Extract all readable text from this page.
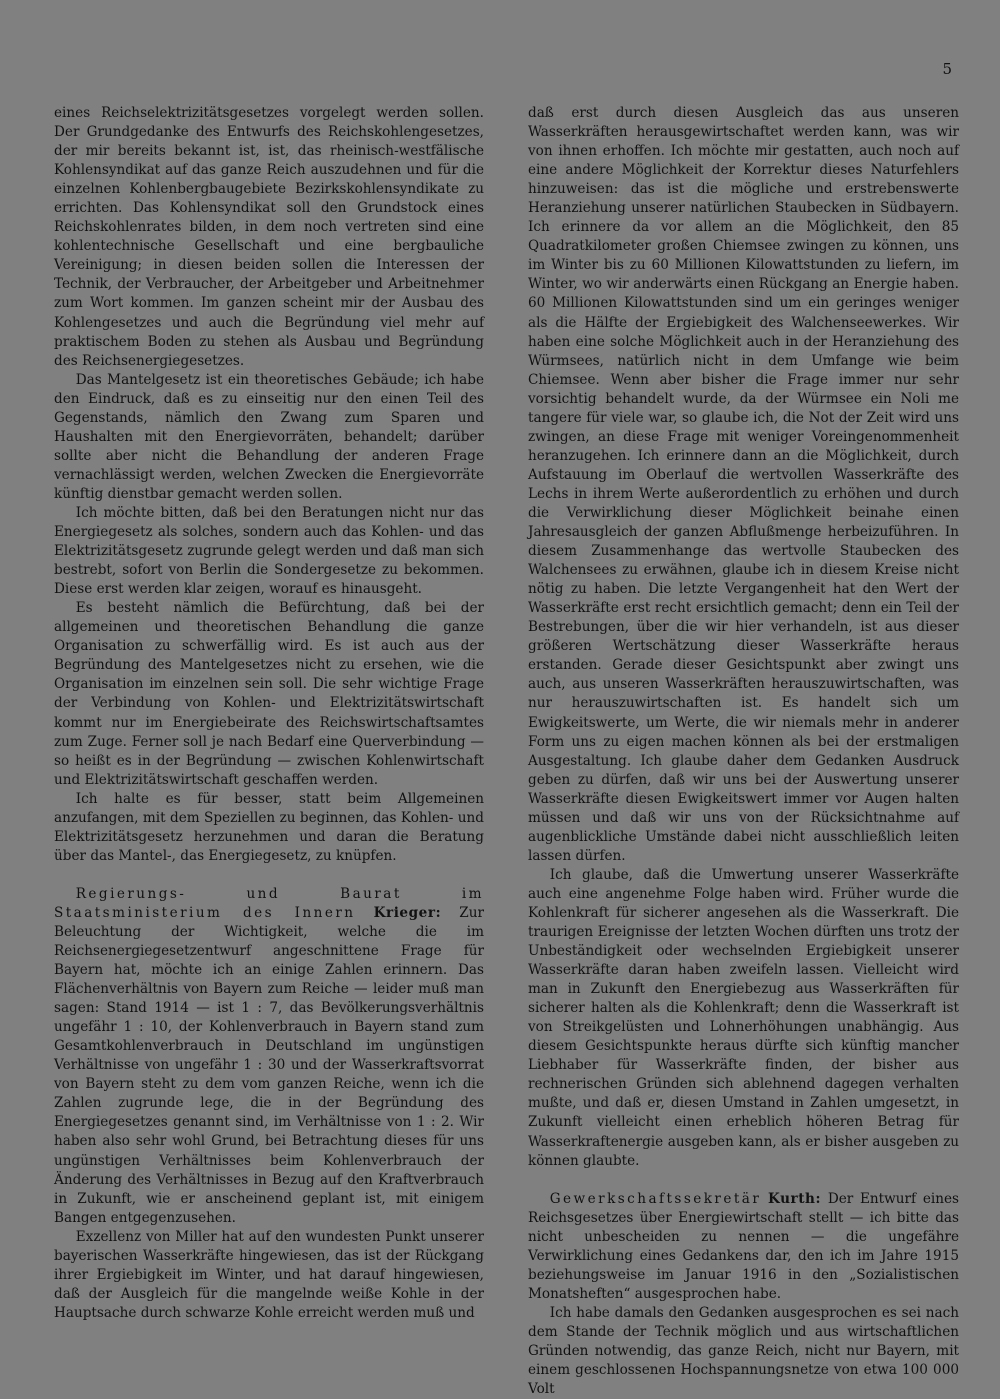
5

eines Reichselektrizitätsgesetzes vorgelegt werden sollen. Der Grundgedanke des Entwurfs des Reichskohlengesetzes, der mir bereits bekannt ist, ist, das rheinisch-westfälische Kohlensyndikat auf das ganze Reich auszudehnen und für die einzelnen Kohlenbergbaugebiete Bezirkskohlensyndikate zu errichten. Das Kohlensyndikat soll den Grundstock eines Reichskohlenrates bilden, in dem noch vertreten sind eine kohlentechnische Gesellschaft und eine bergbauliche Vereinigung; in diesen beiden sollen die Interessen der Technik, der Verbraucher, der Arbeitgeber und Arbeitnehmer zum Wort kommen. Im ganzen scheint mir der Ausbau des Kohlengesetzes und auch die Begründung viel mehr auf praktischem Boden zu stehen als Ausbau und Begründung des Reichsenergiegesetzes.

Das Mantelgesetz ist ein theoretisches Gebäude; ich habe den Eindruck, daß es zu einseitig nur den einen Teil des Gegenstands, nämlich den Zwang zum Sparen und Haushalten mit den Energievorräten, behandelt; darüber sollte aber nicht die Behandlung der anderen Frage vernachlässigt werden, welchen Zwecken die Energievorräte künftig dienstbar gemacht werden sollen.

Ich möchte bitten, daß bei den Beratungen nicht nur das Energiegesetz als solches, sondern auch das Kohlen- und das Elektrizitätsgesetz zugrunde gelegt werden und daß man sich bestrebt, sofort von Berlin die Sondergesetze zu bekommen. Diese erst werden klar zeigen, worauf es hinausgeht.

Es besteht nämlich die Befürchtung, daß bei der allgemeinen und theoretischen Behandlung die ganze Organisation zu schwerfällig wird. Es ist auch aus der Begründung des Mantelgesetzes nicht zu ersehen, wie die Organisation im einzelnen sein soll. Die sehr wichtige Frage der Verbindung von Kohlen- und Elektrizitätswirtschaft kommt nur im Energiebeirate des Reichswirtschaftsamtes zum Zuge. Ferner soll je nach Bedarf eine Querverbindung — so heißt es in der Begründung — zwischen Kohlenwirtschaft und Elektrizitätswirtschaft geschaffen werden.

Ich halte es für besser, statt beim Allgemeinen anzufangen, mit dem Speziellen zu beginnen, das Kohlen- und Elektrizitätsgesetz herzunehmen und daran die Beratung über das Mantel-, das Energiegesetz, zu knüpfen.

Regierungs- und Baurat im Staatsministerium des Innern Krieger: Zur Beleuchtung der Wichtigkeit, welche die im Reichsenergiegesetzentwurf angeschnittene Frage für Bayern hat, möchte ich an einige Zahlen erinnern. Das Flächenverhältnis von Bayern zum Reiche — leider muß man sagen: Stand 1914 — ist 1 : 7, das Bevölkerungsverhältnis ungefähr 1 : 10, der Kohlenverbrauch in Bayern stand zum Gesamtkohlenverbrauch in Deutschland im ungünstigen Verhältnisse von ungefähr 1 : 30 und der Wasserkraftsvorrat von Bayern steht zu dem vom ganzen Reiche, wenn ich die Zahlen zugrunde lege, die in der Begründung des Energiegesetzes genannt sind, im Verhältnisse von 1 : 2. Wir haben also sehr wohl Grund, bei Betrachtung dieses für uns ungünstigen Verhältnisses beim Kohlenverbrauch der Änderung des Verhältnisses in Bezug auf den Kraftverbrauch in Zukunft, wie er anscheinend geplant ist, mit einigem Bangen entgegenzusehen.

Exzellenz von Miller hat auf den wundesten Punkt unserer bayerischen Wasserkräfte hingewiesen, das ist der Rückgang ihrer Ergiebigkeit im Winter, und hat darauf hingewiesen, daß der Ausgleich für die mangelnde weiße Kohle in der Hauptsache durch schwarze Kohle erreicht werden muß und

daß erst durch diesen Ausgleich das aus unseren Wasserkräften herausgewirtschaftet werden kann, was wir von ihnen erhoffen. Ich möchte mir gestatten, auch noch auf eine andere Möglichkeit der Korrektur dieses Naturfehlers hinzuweisen: das ist die mögliche und erstrebenswerte Heranziehung unserer natürlichen Staubecken in Südbayern. Ich erinnere da vor allem an die Möglichkeit, den 85 Quadratkilometer großen Chiemsee zwingen zu können, uns im Winter bis zu 60 Millionen Kilowattstunden zu liefern, im Winter, wo wir anderwärts einen Rückgang an Energie haben. 60 Millionen Kilowattstunden sind um ein geringes weniger als die Hälfte der Ergiebigkeit des Walchenseewerkes. Wir haben eine solche Möglichkeit auch in der Heranziehung des Würmsees, natürlich nicht in dem Umfange wie beim Chiemsee. Wenn aber bisher die Frage immer nur sehr vorsichtig behandelt wurde, da der Würmsee ein Noli me tangere für viele war, so glaube ich, die Not der Zeit wird uns zwingen, an diese Frage mit weniger Voreingenommenheit heranzugehen. Ich erinnere dann an die Möglichkeit, durch Aufstauung im Oberlauf die wertvollen Wasserkräfte des Lechs in ihrem Werte außerordentlich zu erhöhen und durch die Verwirklichung dieser Möglichkeit beinahe einen Jahresausgleich der ganzen Abflußmenge herbeizuführen. In diesem Zusammenhange das wertvolle Staubecken des Walchensees zu erwähnen, glaube ich in diesem Kreise nicht nötig zu haben. Die letzte Vergangenheit hat den Wert der Wasserkräfte erst recht ersichtlich gemacht; denn ein Teil der Bestrebungen, über die wir hier verhandeln, ist aus dieser größeren Wertschätzung dieser Wasserkräfte heraus erstanden. Gerade dieser Gesichtspunkt aber zwingt uns auch, aus unseren Wasserkräften herauszuwirtschaften, was nur herauszuwirtschaften ist. Es handelt sich um Ewigkeitswerte, um Werte, die wir niemals mehr in anderer Form uns zu eigen machen können als bei der erstmaligen Ausgestaltung. Ich glaube daher dem Gedanken Ausdruck geben zu dürfen, daß wir uns bei der Auswertung unserer Wasserkräfte diesen Ewigkeitswert immer vor Augen halten müssen und daß wir uns von der Rücksichtnahme auf augenblickliche Umstände dabei nicht ausschließlich leiten lassen dürfen.

Ich glaube, daß die Umwertung unserer Wasserkräfte auch eine angenehme Folge haben wird. Früher wurde die Kohlenkraft für sicherer angesehen als die Wasserkraft. Die traurigen Ereignisse der letzten Wochen dürften uns trotz der Unbeständigkeit oder wechselnden Ergiebigkeit unserer Wasserkräfte daran haben zweifeln lassen. Vielleicht wird man in Zukunft den Energiebezug aus Wasserkräften für sicherer halten als die Kohlenkraft; denn die Wasserkraft ist von Streikgelüsten und Lohnerhöhungen unabhängig. Aus diesem Gesichtspunkte heraus dürfte sich künftig mancher Liebhaber für Wasserkräfte finden, der bisher aus rechnerischen Gründen sich ablehnend dagegen verhalten mußte, und daß er, diesen Umstand in Zahlen umgesetzt, in Zukunft vielleicht einen erheblich höheren Betrag für Wasserkraftenergie ausgeben kann, als er bisher ausgeben zu können glaubte.

Gewerkschaftssekretär Kurth: Der Entwurf eines Reichsgesetzes über Energiewirtschaft stellt — ich bitte das nicht unbescheiden zu nennen — die ungefähre Verwirklichung eines Gedankens dar, den ich im Jahre 1915 beziehungsweise im Januar 1916 in den „Sozialistischen Monatsheften“ ausgesprochen habe.

Ich habe damals den Gedanken ausgesprochen es sei nach dem Stande der Technik möglich und aus wirtschaftlichen Gründen notwendig, das ganze Reich, nicht nur Bayern, mit einem geschlossenen Hochspannungsnetze von etwa 100 000 Volt
